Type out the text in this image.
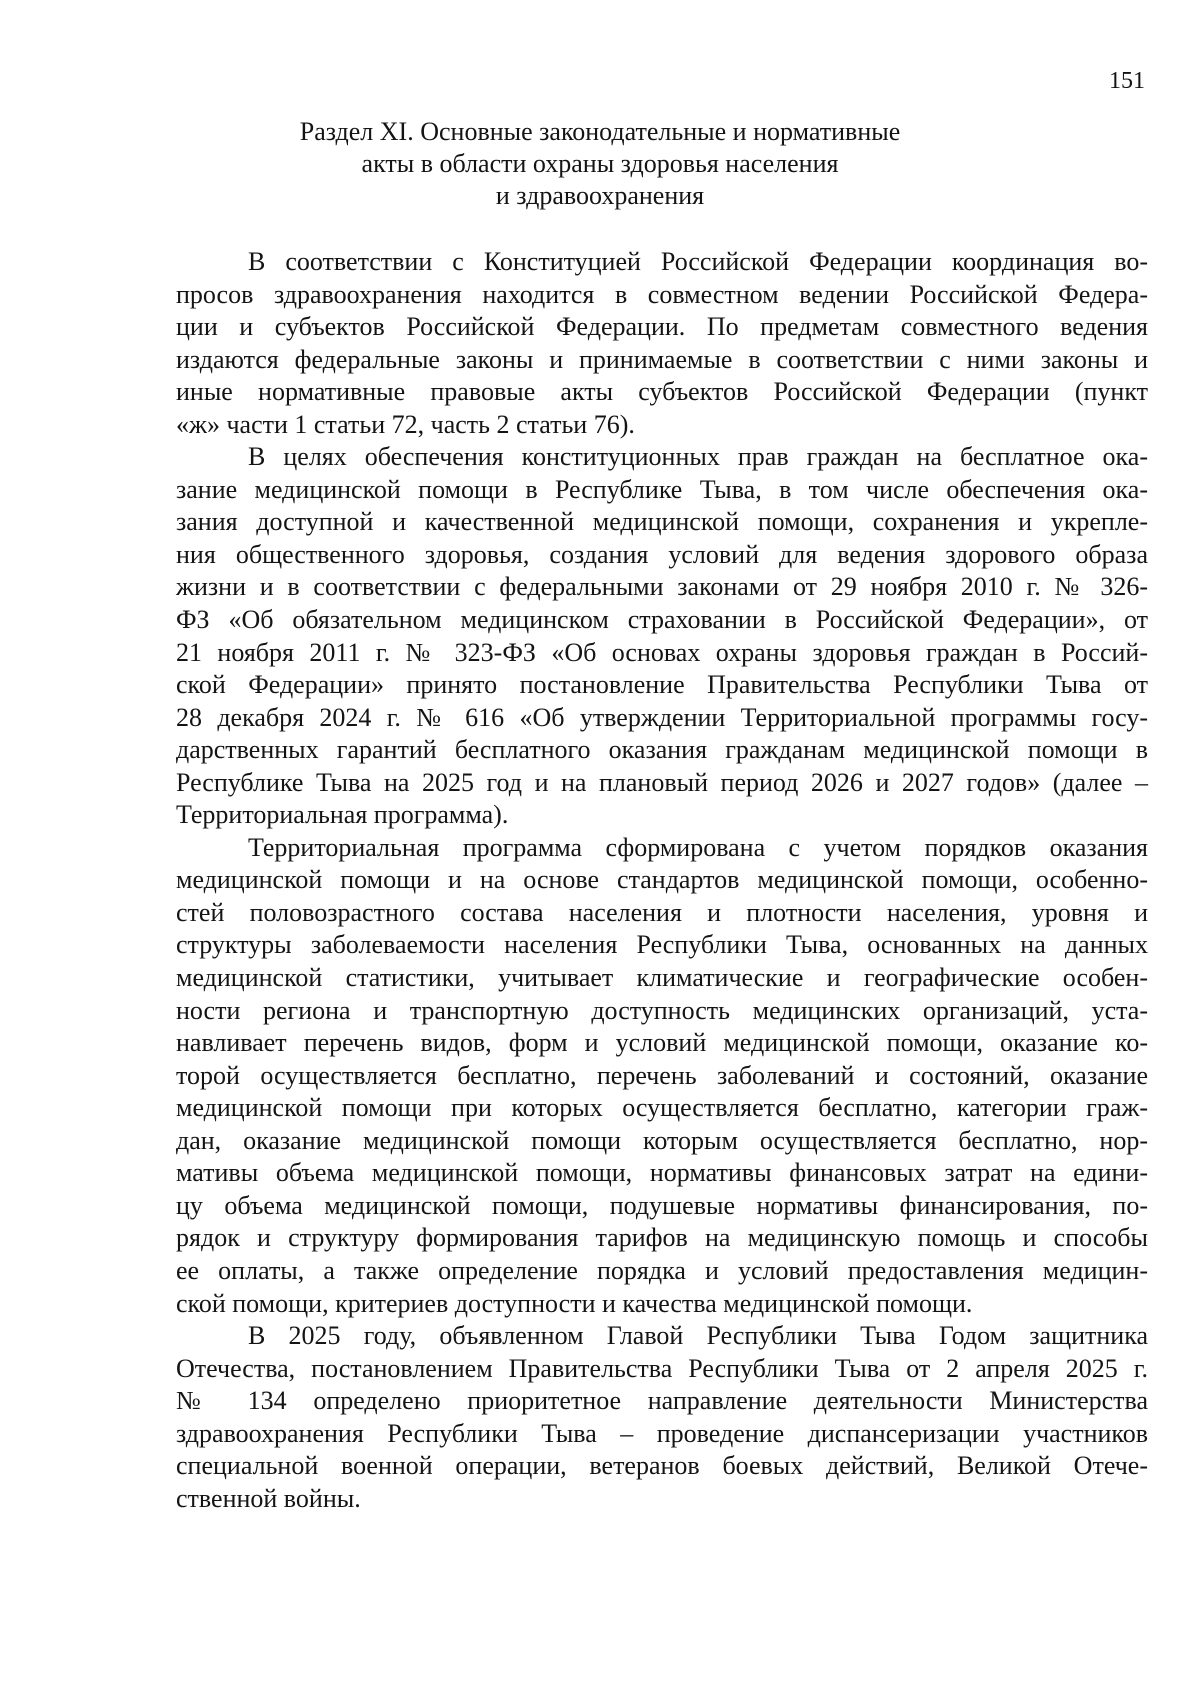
151
Раздел XI. Основные законодательные и нормативные
акты в области охраны здоровья населения
и здравоохранения
В соответствии с Конституцией Российской Федерации координация во-
просов здравоохранения находится в совместном ведении Российской Федера-
ции и субъектов Российской Федерации. По предметам совместного ведения
издаются федеральные законы и принимаемые в соответствии с ними законы и
иные нормативные правовые акты субъектов Российской Федерации (пункт
«ж» части 1 статьи 72, часть 2 статьи 76).
В целях обеспечения конституционных прав граждан на бесплатное ока-
зание медицинской помощи в Республике Тыва, в том числе обеспечения ока-
зания доступной и качественной медицинской помощи, сохранения и укрепле-
ния общественного здоровья, создания условий для ведения здорового образа
жизни и в соответствии с федеральными законами от 29 ноября 2010 г. № 326-
ФЗ «Об обязательном медицинском страховании в Российской Федерации», от
21 ноября 2011 г. № 323-ФЗ «Об основах охраны здоровья граждан в Россий-
ской Федерации» принято постановление Правительства Республики Тыва от
28 декабря 2024 г. № 616 «Об утверждении Территориальной программы госу-
дарственных гарантий бесплатного оказания гражданам медицинской помощи в
Республике Тыва на 2025 год и на плановый период 2026 и 2027 годов» (далее –
Территориальная программа).
Территориальная программа сформирована с учетом порядков оказания
медицинской помощи и на основе стандартов медицинской помощи, особенно-
стей половозрастного состава населения и плотности населения, уровня и
структуры заболеваемости населения Республики Тыва, основанных на данных
медицинской статистики, учитывает климатические и географические особен-
ности региона и транспортную доступность медицинских организаций, уста-
навливает перечень видов, форм и условий медицинской помощи, оказание ко-
торой осуществляется бесплатно, перечень заболеваний и состояний, оказание
медицинской помощи при которых осуществляется бесплатно, категории граж-
дан, оказание медицинской помощи которым осуществляется бесплатно, нор-
мативы объема медицинской помощи, нормативы финансовых затрат на едини-
цу объема медицинской помощи, подушевые нормативы финансирования, по-
рядок и структуру формирования тарифов на медицинскую помощь и способы
ее оплаты, а также определение порядка и условий предоставления медицин-
ской помощи, критериев доступности и качества медицинской помощи.
В 2025 году, объявленном Главой Республики Тыва Годом защитника
Отечества, постановлением Правительства Республики Тыва от 2 апреля 2025 г.
№ 134 определено приоритетное направление деятельности Министерства
здравоохранения Республики Тыва – проведение диспансеризации участников
специальной военной операции, ветеранов боевых действий, Великой Отече-
ственной войны.
